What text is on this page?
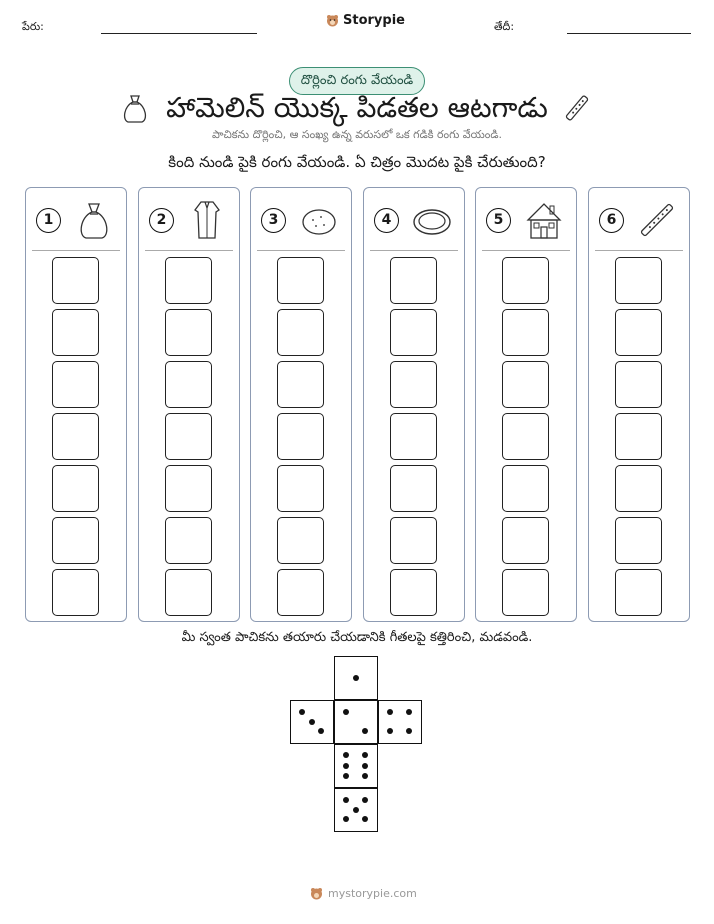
పేరు:	Storypie	తేదీ:
దొర్లించి రంగు వేయండి
హామెలిన్ యొక్క పిడతల ఆటగాడు
పాచికను దొర్లించి, ఆ సంఖ్య ఉన్న వరుసలో ఒక గడికి రంగు వేయండి.
కింది నుండి పైకి రంగు వేయండి. ఏ చిత్రం మొదట పైకి చేరుతుంది?
1	2	3	4	5	6
మీ స్వంత పాచికను తయారు చేయడానికి గీతలపై కత్తిరించి, మడవండి.
mystorypie.com
